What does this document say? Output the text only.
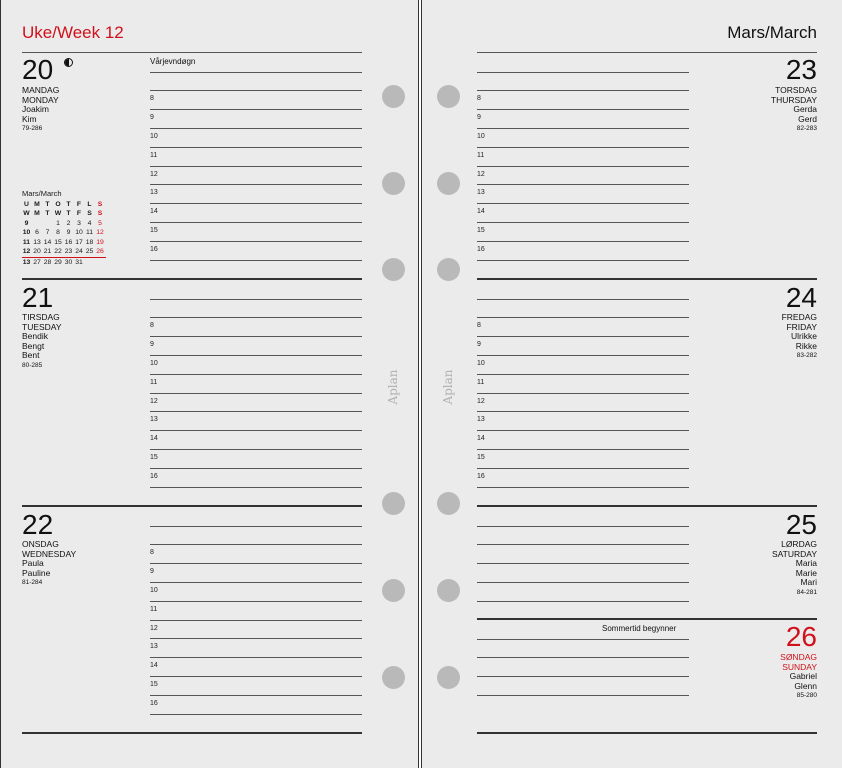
Uke/Week 12	Mars/March
Aplan	Aplan
8
9
10
11
12
13
14
15
16
8
9
10
11
12
13
14
15
16
8
9
10
11
12
13
14
15
16
8
9
10
11
12
13
14
15
16
8
9
10
11
12
13
14
15
16
20
MANDAG
MONDAY
Joakim
Kim
79-286
Vårjevndøgn
Mars/March
U	M	T	O	T	F	L	S
W	M	T	W	T	F	S	S
9			1	2	3	4	5
10	6	7	8	9	10	11	12
11	13	14	15	16	17	18	19
12	20	21	22	23	24	25	26
13	27	28	29	30	31		
21
TIRSDAG
TUESDAY
Bendik
Bengt
Bent
80-285
22
ONSDAG
WEDNESDAY
Paula
Pauline
81-284
23
TORSDAG
THURSDAY
Gerda
Gerd
82-283
24
FREDAG
FRIDAY
Ulrikke
Rikke
83-282
25
LØRDAG
SATURDAY
Maria
Marie
Mari
84-281
Sommertid begynner	26
SØNDAG
SUNDAY
Gabriel
Glenn
85-280
